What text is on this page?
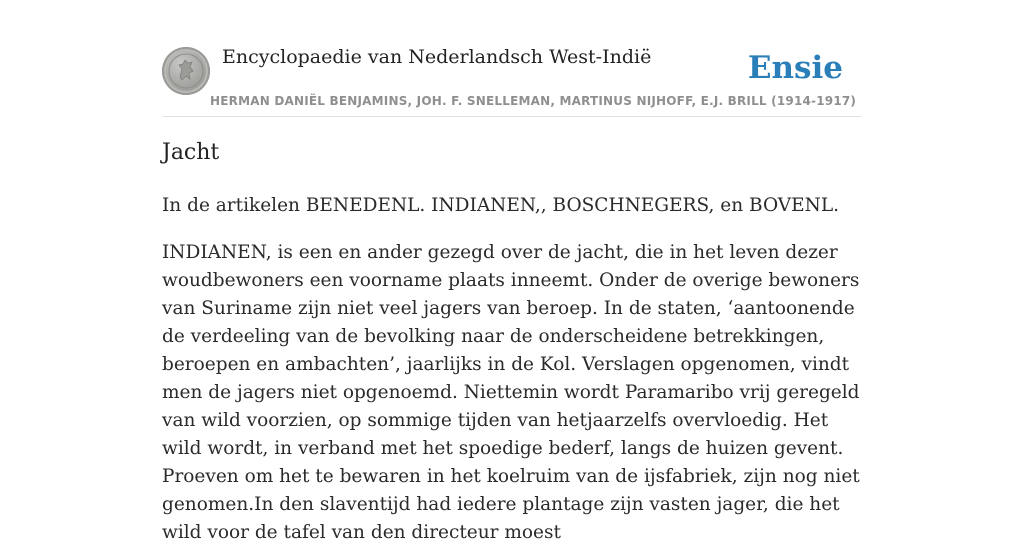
Encyclopaedie van Nederlandsch West-Indië	Ensie
HERMAN DANIËL BENJAMINS, JOH. F. SNELLEMAN, MARTINUS NIJHOFF, E.J. BRILL (1914-1917)
Jacht

In de artikelen BENEDENL. INDIANEN,, BOSCHNEGERS, en BOVENL.

INDIANEN, is een en ander gezegd over de jacht, die in het leven dezer woudbewoners een voorname plaats inneemt. Onder de overige bewoners van Suriname zijn niet veel jagers van beroep. In de staten, ‘aantoonende de verdeeling van de bevolking naar de onderscheidene betrekkingen, beroepen en ambachten’, jaarlijks in de Kol. Verslagen opgenomen, vindt men de jagers niet opgenoemd. Niettemin wordt Paramaribo vrij geregeld van wild voorzien, op sommige tijden van hetjaarzelfs overvloedig. Het wild wordt, in verband met het spoedige bederf, langs de huizen gevent. Proeven om het te bewaren in het koelruim van de ijsfabriek, zijn nog niet genomen.In den slaventijd had iedere plantage zijn vasten jager, die het wild voor de tafel van den directeur moest
